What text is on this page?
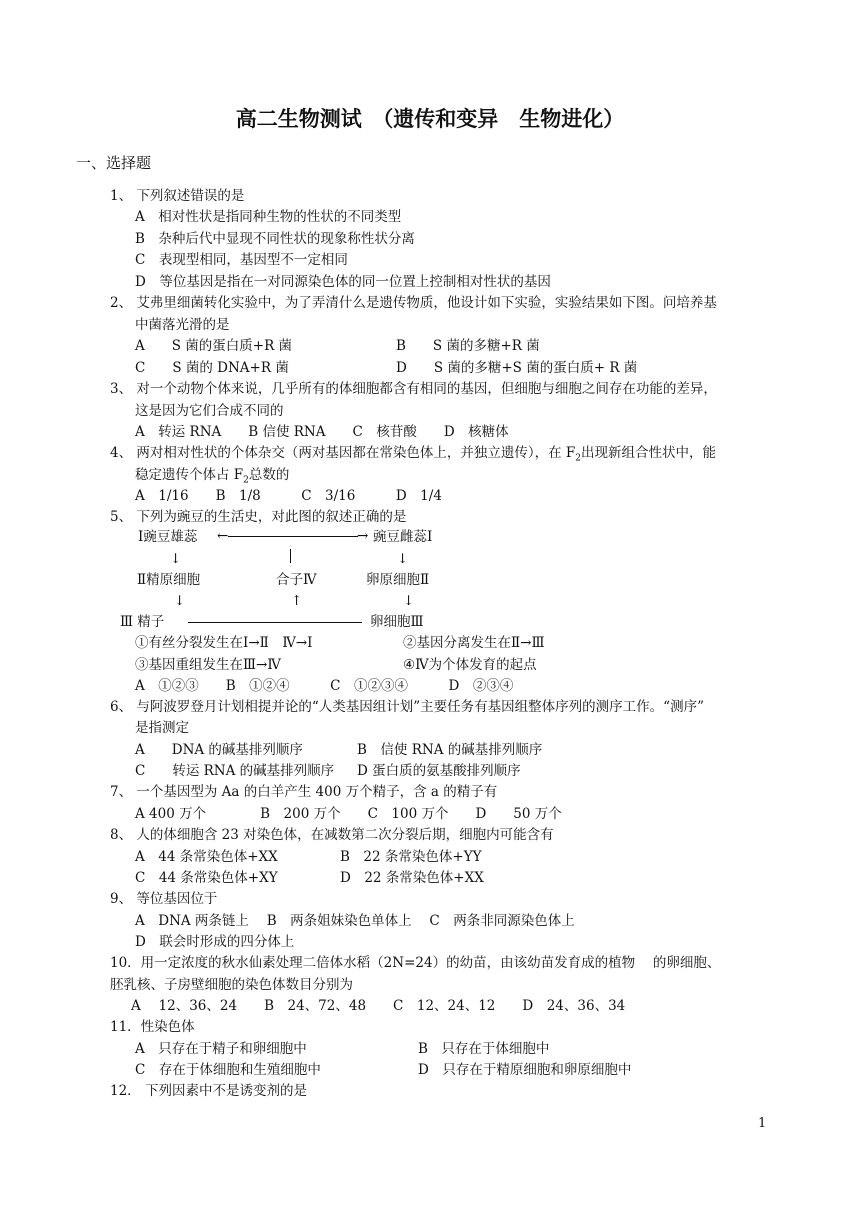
高二生物测试　（遗传和变异　生物进化）
一、选择题
1、 下列叙述错误的是
A　相对性状是指同种生物的性状的不同类型
B　杂种后代中显现不同性状的现象称性状分离
C　表现型相同，基因型不一定相同
D　等位基因是指在一对同源染色体的同一位置上控制相对性状的基因
2、 艾弗里细菌转化实验中，为了弄清什么是遗传物质，他设计如下实验，实验结果如下图。问培养基
中菌落光滑的是
A　　S 菌的蛋白质+R 菌	B　　S 菌的多糖+R 菌
C　　S 菌的 DNA+R 菌	D　　S 菌的多糖+S 菌的蛋白质+ R 菌
3、 对一个动物个体来说，几乎所有的体细胞都含有相同的基因，但细胞与细胞之间存在功能的差异，
这是因为它们合成不同的
A　转运 RNA　　B 信使 RNA　　C　核苷酸　　D　核糖体
4、 两对相对性状的个体杂交（两对基因都在常染色体上，并独立遗传），在 $F_2$出现新组合性状中，能
稳定遗传个体占 $F_2$总数的
A　1/16　　B　1/8　　　C　3/16　　　D　1/4
5、 下列为豌豆的生活史，对此图的叙述正确的是
Ⅰ豌豆雄蕊 ←	→ 豌豆雌蕊Ⅰ
↓	↓
Ⅱ精原细胞	合子Ⅳ	卵原细胞Ⅱ
↓	↑	↓
Ⅲ 精子	卵细胞Ⅲ
①有丝分裂发生在Ⅰ→Ⅱ　Ⅳ→Ⅰ	②基因分离发生在Ⅱ→Ⅲ
③基因重组发生在Ⅲ→Ⅳ	④Ⅳ为个体发育的起点
A　①②③　　B　①②④　　　C　①②③④　　　D　②③④
6、 与阿波罗登月计划相提并论的“人类基因组计划”主要任务有基因组整体序列的测序工作。“测序”
是指测定
A　　DNA 的碱基排列顺序	B　信使 RNA 的碱基排列顺序
C　　转运 RNA 的碱基排列顺序 D 蛋白质的氨基酸排列顺序
7、 一个基因型为 Aa 的白羊产生 400 万个精子，含 a 的精子有
A 400 万个　　　　B　200 万个　　C　100 万个　　D　　50 万个
8、 人的体细胞含 23 对染色体，在减数第二次分裂后期，细胞内可能含有
A　44 条常染色体+XX	B　22 条常染色体+YY
C　44 条常染色体+XY	D　22 条常染色体+XX
9、 等位基因位于
A　DNA 两条链上　 B　两条姐妹染色单体上　 C　两条非同源染色体上
D　联会时形成的四分体上
10．用一定浓度的秋水仙素处理二倍体水稻（2N=24）的幼苗，由该幼苗发育成的植物　 的卵细胞、
胚乳核、子房壁细胞的染色体数目分别为
A　 12、36、24　　B　24、72、48　　C　12、24、12　　D　24、36、34
11．性染色体
A　只存在于精子和卵细胞中	B　只存在于体细胞中
C　存在于体细胞和生殖细胞中	D　只存在于精原细胞和卵原细胞中
12． 下列因素中不是诱变剂的是
1
